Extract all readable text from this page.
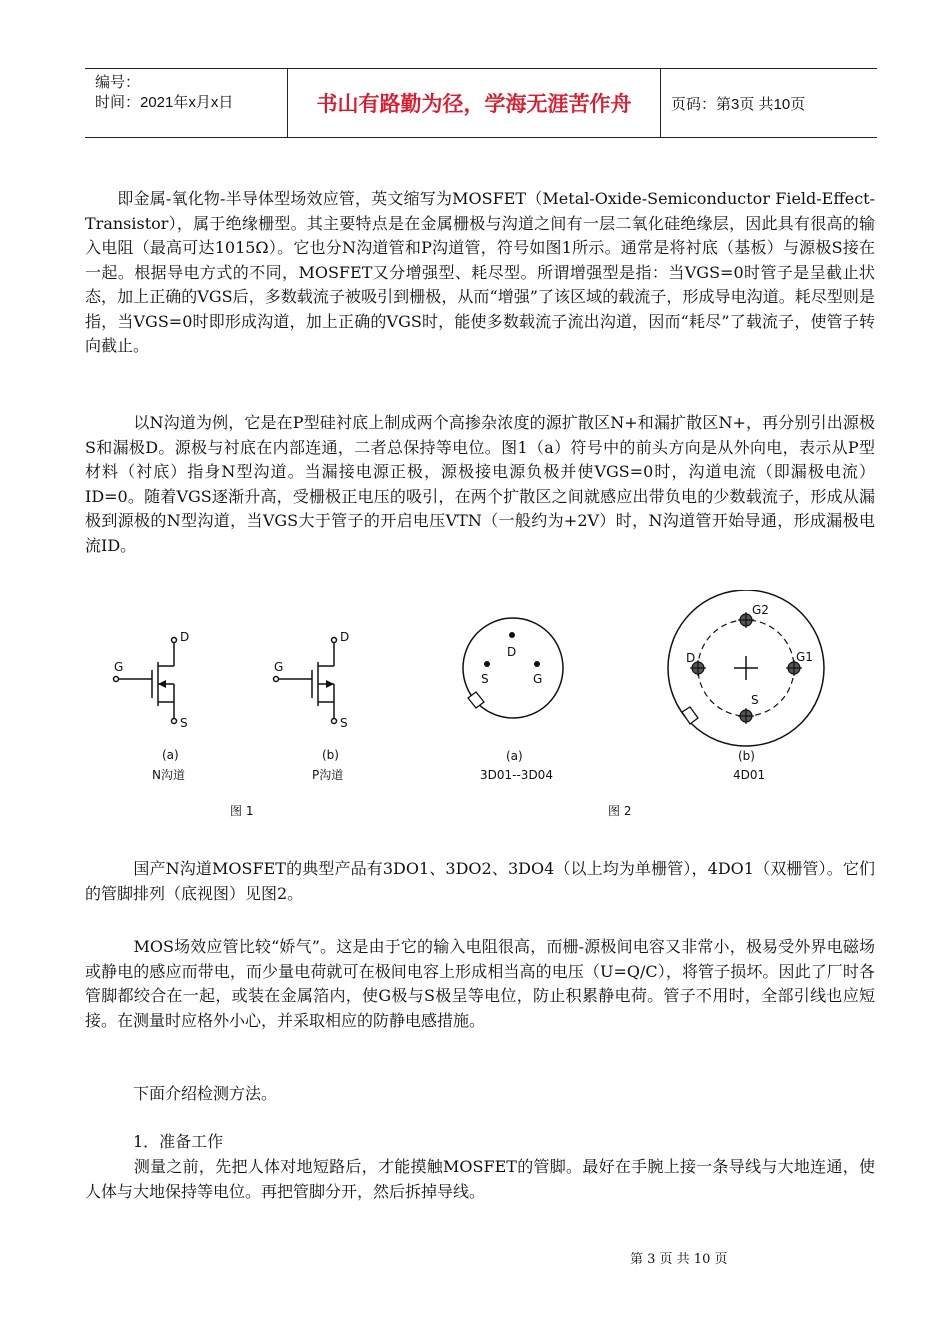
编号：
时间：2021年x月x日	书山有路勤为径，学海无涯苦作舟	页码：第3页 共10页
　　即金属-氧化物-半导体型场效应管，英文缩写为MOSFET（Metal-Oxide-Semiconductor Field-Effect-Transistor），属于绝缘栅型。其主要特点是在金属栅极与沟道之间有一层二氧化硅绝缘层，因此具有很高的输入电阻（最高可达1015Ω）。它也分N沟道管和P沟道管，符号如图1所示。通常是将衬底（基板）与源极S接在一起。根据导电方式的不同，MOSFET又分增强型、耗尽型。所谓增强型是指：当VGS=0时管子是呈截止状态，加上正确的VGS后，多数载流子被吸引到栅极，从而“增强”了该区域的载流子，形成导电沟道。耗尽型则是指，当VGS=0时即形成沟道，加上正确的VGS时，能使多数载流子流出沟道，因而“耗尽”了载流子，使管子转向截止。
　　　以N沟道为例，它是在P型硅衬底上制成两个高掺杂浓度的源扩散区N+和漏扩散区N+，再分别引出源极S和漏极D。源极与衬底在内部连通，二者总保持等电位。图1（a）符号中的前头方向是从外向电，表示从P型材料（衬底）指身N型沟道。当漏接电源正极，源极接电源负极并使VGS=0时，沟道电流（即漏极电流）ID=0。随着VGS逐渐升高，受栅极正电压的吸引，在两个扩散区之间就感应出带负电的少数载流子，形成从漏极到源极的N型沟道，当VGS大于管子的开启电压VTN（一般约为+2V）时，N沟道管开始导通，形成漏极电流ID。
G
D
S
G
D
S
(a)
N沟道
(b)
P沟道
图 1
D
S	G
G2
D	G1
S
(a)
3D01--3D04
(b)
4D01
图 2
　　　国产N沟道MOSFET的典型产品有3DO1、3DO2、3DO4（以上均为单栅管），4DO1（双栅管）。它们的管脚排列（底视图）见图2。
　　　MOS场效应管比较“娇气”。这是由于它的输入电阻很高，而栅-源极间电容又非常小，极易受外界电磁场或静电的感应而带电，而少量电荷就可在极间电容上形成相当高的电压（U=Q/C），将管子损坏。因此了厂时各管脚都绞合在一起，或装在金属箔内，使G极与S极呈等电位，防止积累静电荷。管子不用时，全部引线也应短接。在测量时应格外小心，并采取相应的防静电感措施。
　　　下面介绍检测方法。
　　　1．准备工作
　　　测量之前，先把人体对地短路后，才能摸触MOSFET的管脚。最好在手腕上接一条导线与大地连通，使人体与大地保持等电位。再把管脚分开，然后拆掉导线。
第 3 页 共 10 页
